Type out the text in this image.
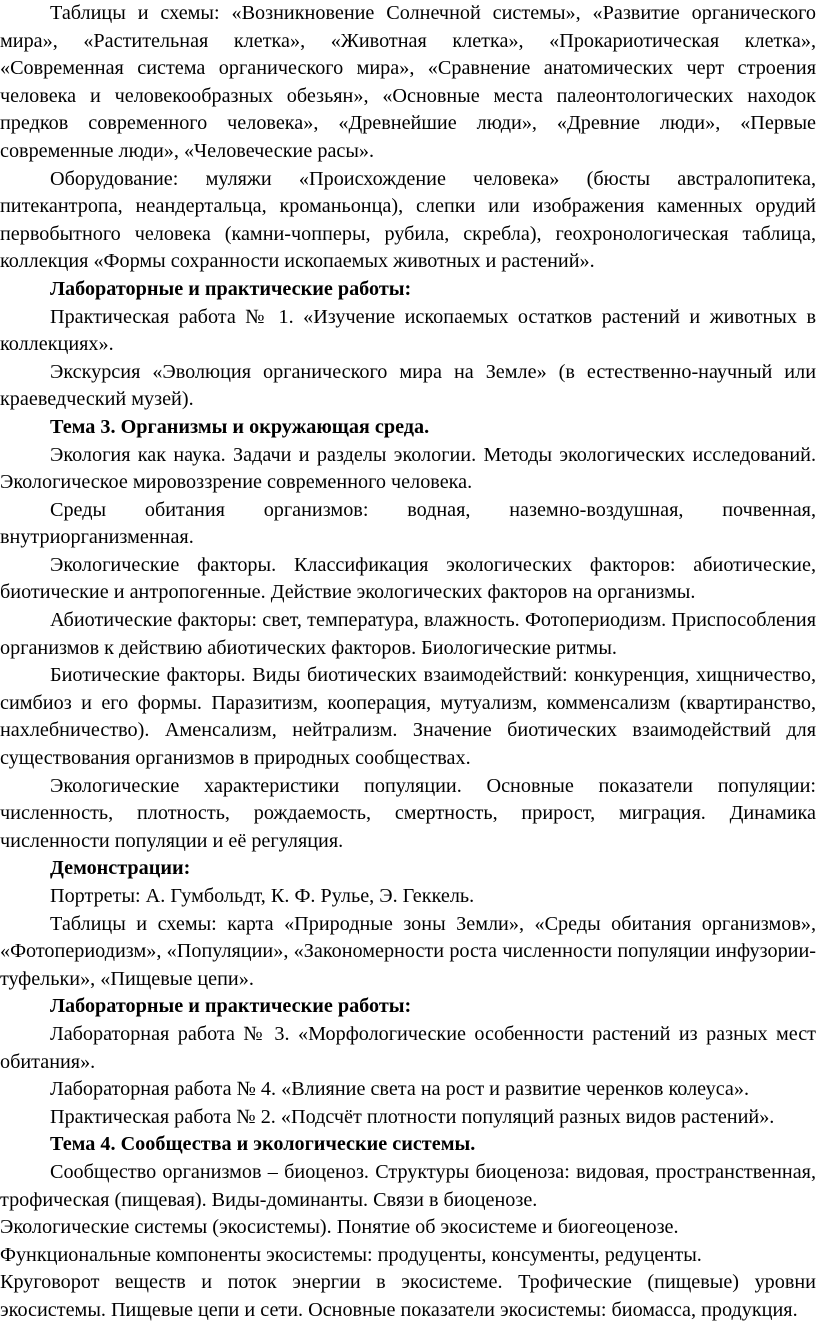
Таблицы и схемы: «Возникновение Солнечной системы», «Развитие органического мира», «Растительная клетка», «Животная клетка», «Прокариотическая клетка», «Современная система органического мира», «Сравнение анатомических черт строения человека и человекообразных обезьян», «Основные места палеонтологических находок предков современного человека», «Древнейшие люди», «Древние люди», «Первые современные люди», «Человеческие расы».

Оборудование: муляжи «Происхождение человека» (бюсты австралопитека, питекантропа, неандертальца, кроманьонца), слепки или изображения каменных орудий первобытного человека (камни-чопперы, рубила, скребла), геохронологическая таблица, коллекция «Формы сохранности ископаемых животных и растений».

Лабораторные и практические работы:

Практическая работа № 1. «Изучение ископаемых остатков растений и животных в коллекциях».

Экскурсия «Эволюция органического мира на Земле» (в естественно-научный или краеведческий музей).

Тема 3. Организмы и окружающая среда.

Экология как наука. Задачи и разделы экологии. Методы экологических исследований. Экологическое мировоззрение современного человека.

Среды обитания организмов: водная, наземно-воздушная, почвенная, внутриорганизменная.

Экологические факторы. Классификация экологических факторов: абиотические, биотические и антропогенные. Действие экологических факторов на организмы.

Абиотические факторы: свет, температура, влажность. Фотопериодизм. Приспособления организмов к действию абиотических факторов. Биологические ритмы.

Биотические факторы. Виды биотических взаимодействий: конкуренция, хищничество, симбиоз и его формы. Паразитизм, кооперация, мутуализм, комменсализм (квартиранство, нахлебничество). Аменсализм, нейтрализм. Значение биотических взаимодействий для существования организмов в природных сообществах.

Экологические характеристики популяции. Основные показатели популяции: численность, плотность, рождаемость, смертность, прирост, миграция. Динамика численности популяции и её регуляция.

Демонстрации:

Портреты: А. Гумбольдт, К. Ф. Рулье, Э. Геккель.

Таблицы и схемы: карта «Природные зоны Земли», «Среды обитания организмов», «Фотопериодизм», «Популяции», «Закономерности роста численности популяции инфузории-туфельки», «Пищевые цепи».

Лабораторные и практические работы:

Лабораторная работа № 3. «Морфологические особенности растений из разных мест обитания».

Лабораторная работа № 4. «Влияние света на рост и развитие черенков колеуса».

Практическая работа № 2. «Подсчёт плотности популяций разных видов растений».

Тема 4. Сообщества и экологические системы.

Сообщество организмов – биоценоз. Структуры биоценоза: видовая, пространственная, трофическая (пищевая). Виды-доминанты. Связи в биоценозе.

Экологические системы (экосистемы). Понятие об экосистеме и биогеоценозе.

Функциональные компоненты экосистемы: продуценты, консументы, редуценты.

Круговорот веществ и поток энергии в экосистеме. Трофические (пищевые) уровни экосистемы. Пищевые цепи и сети. Основные показатели экосистемы: биомасса, продукция.
